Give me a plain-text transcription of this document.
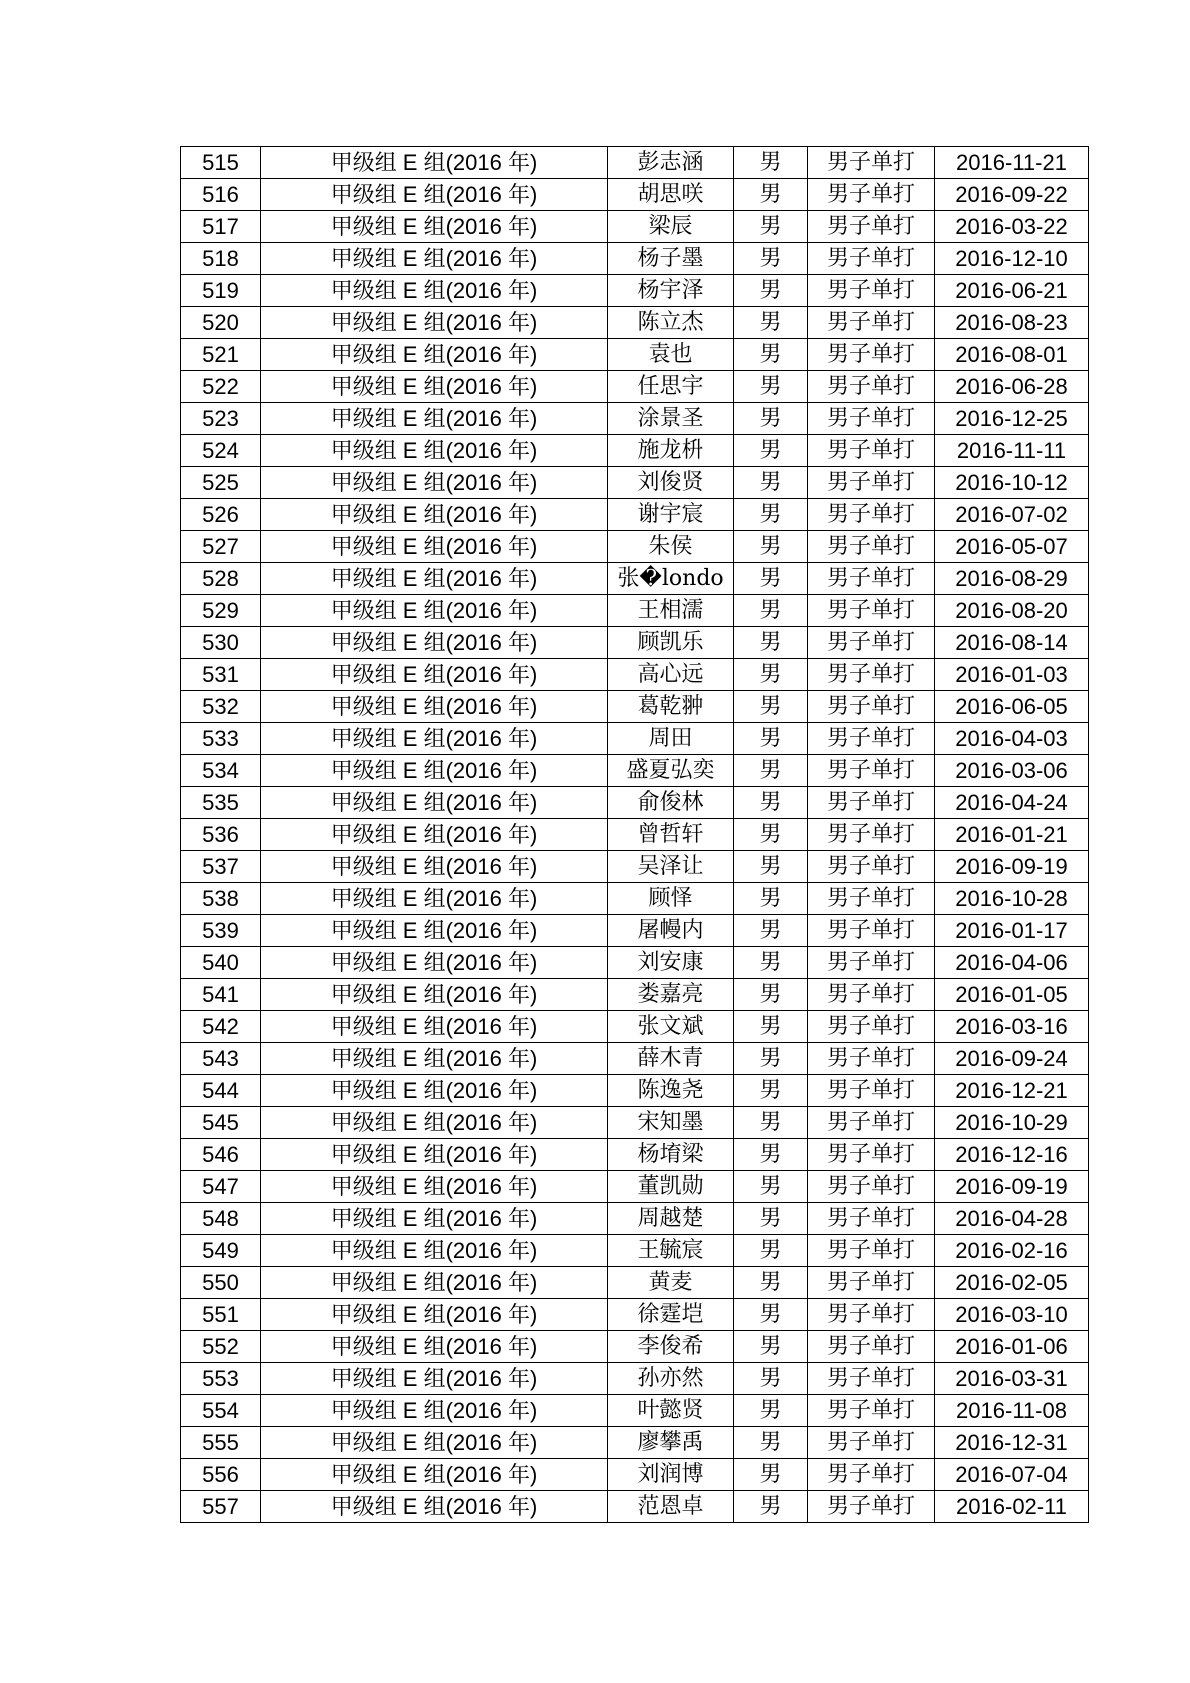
515	甲级组 E 组(2016 年)	彭志涵	男	男子单打	2016-11-21
516	甲级组 E 组(2016 年)	胡思咲	男	男子单打	2016-09-22
517	甲级组 E 组(2016 年)	梁辰	男	男子单打	2016-03-22
518	甲级组 E 组(2016 年)	杨子墨	男	男子单打	2016-12-10
519	甲级组 E 组(2016 年)	杨宇泽	男	男子单打	2016-06-21
520	甲级组 E 组(2016 年)	陈立杰	男	男子单打	2016-08-23
521	甲级组 E 组(2016 年)	袁也	男	男子单打	2016-08-01
522	甲级组 E 组(2016 年)	任思宇	男	男子单打	2016-06-28
523	甲级组 E 组(2016 年)	涂景圣	男	男子单打	2016-12-25
524	甲级组 E 组(2016 年)	施龙枡	男	男子单打	2016-11-11
525	甲级组 E 组(2016 年)	刘俊贤	男	男子单打	2016-10-12
526	甲级组 E 组(2016 年)	谢宇宸	男	男子单打	2016-07-02
527	甲级组 E 组(2016 年)	朱侯	男	男子单打	2016-05-07
528	甲级组 E 组(2016 年)	张�londo	男	男子单打	2016-08-29
529	甲级组 E 组(2016 年)	王相濡	男	男子单打	2016-08-20
530	甲级组 E 组(2016 年)	顾凯乐	男	男子单打	2016-08-14
531	甲级组 E 组(2016 年)	高心远	男	男子单打	2016-01-03
532	甲级组 E 组(2016 年)	葛乾翀	男	男子单打	2016-06-05
533	甲级组 E 组(2016 年)	周田	男	男子单打	2016-04-03
534	甲级组 E 组(2016 年)	盛夏弘奕	男	男子单打	2016-03-06
535	甲级组 E 组(2016 年)	俞俊林	男	男子单打	2016-04-24
536	甲级组 E 组(2016 年)	曾哲轩	男	男子单打	2016-01-21
537	甲级组 E 组(2016 年)	吴泽让	男	男子单打	2016-09-19
538	甲级组 E 组(2016 年)	顾怿	男	男子单打	2016-10-28
539	甲级组 E 组(2016 年)	屠幔内	男	男子单打	2016-01-17
540	甲级组 E 组(2016 年)	刘安康	男	男子单打	2016-04-06
541	甲级组 E 组(2016 年)	娄嘉亮	男	男子单打	2016-01-05
542	甲级组 E 组(2016 年)	张文斌	男	男子单打	2016-03-16
543	甲级组 E 组(2016 年)	薛木青	男	男子单打	2016-09-24
544	甲级组 E 组(2016 年)	陈逸尧	男	男子单打	2016-12-21
545	甲级组 E 组(2016 年)	宋知墨	男	男子单打	2016-10-29
546	甲级组 E 组(2016 年)	杨堉梁	男	男子单打	2016-12-16
547	甲级组 E 组(2016 年)	董凯勋	男	男子单打	2016-09-19
548	甲级组 E 组(2016 年)	周越楚	男	男子单打	2016-04-28
549	甲级组 E 组(2016 年)	王毓宸	男	男子单打	2016-02-16
550	甲级组 E 组(2016 年)	黄麦	男	男子单打	2016-02-05
551	甲级组 E 组(2016 年)	徐霆垲	男	男子单打	2016-03-10
552	甲级组 E 组(2016 年)	李俊希	男	男子单打	2016-01-06
553	甲级组 E 组(2016 年)	孙亦然	男	男子单打	2016-03-31
554	甲级组 E 组(2016 年)	叶懿贤	男	男子单打	2016-11-08
555	甲级组 E 组(2016 年)	廖攀禹	男	男子单打	2016-12-31
556	甲级组 E 组(2016 年)	刘润博	男	男子单打	2016-07-04
557	甲级组 E 组(2016 年)	范恩卓	男	男子单打	2016-02-11
